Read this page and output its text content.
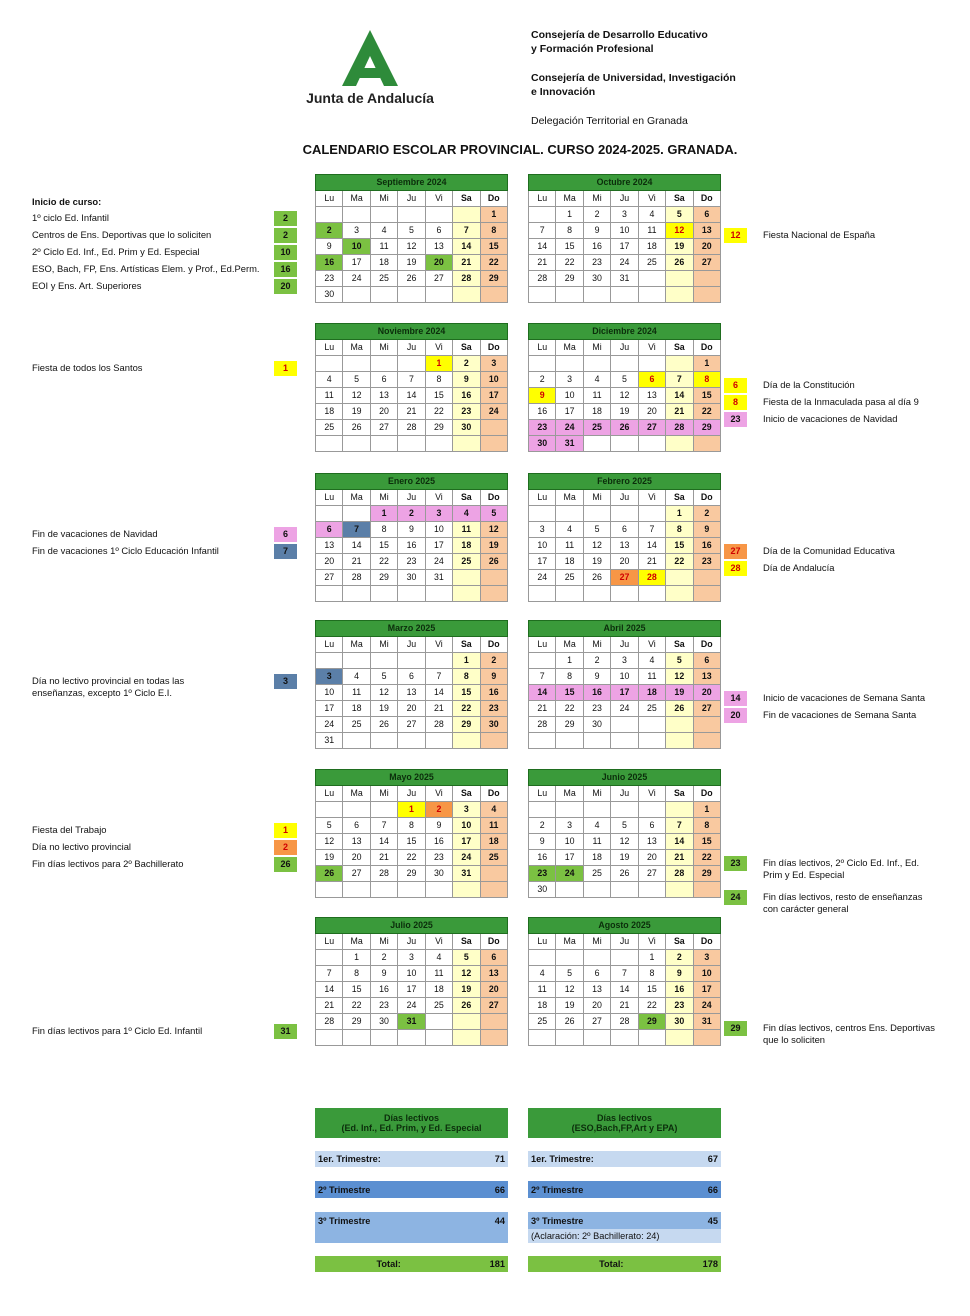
Junta de Andalucía
Consejería de Desarrollo Educativo
y Formación Profesional
Consejería de Universidad, Investigación
e Innovación
Delegación Territorial en Granada
CALENDARIO ESCOLAR PROVINCIAL. CURSO 2024-2025. GRANADA.
Septiembre 2024						
Lu	Ma	Mi	Ju	Vi	Sa	Do
						1
2	3	4	5	6	7	8
9	10	11	12	13	14	15
16	17	18	19	20	21	22
23	24	25	26	27	28	29
30						
Octubre 2024						
Lu	Ma	Mi	Ju	Vi	Sa	Do
	1	2	3	4	5	6
7	8	9	10	11	12	13
14	15	16	17	18	19	20
21	22	23	24	25	26	27
28	29	30	31			

Noviembre 2024						
Lu	Ma	Mi	Ju	Vi	Sa	Do
				1	2	3
4	5	6	7	8	9	10
11	12	13	14	15	16	17
18	19	20	21	22	23	24
25	26	27	28	29	30	

Diciembre 2024						
Lu	Ma	Mi	Ju	Vi	Sa	Do
						1
2	3	4	5	6	7	8
9	10	11	12	13	14	15
16	17	18	19	20	21	22
23	24	25	26	27	28	29
30	31					
Enero 2025						
Lu	Ma	Mi	Ju	Vi	Sa	Do
		1	2	3	4	5
6	7	8	9	10	11	12
13	14	15	16	17	18	19
20	21	22	23	24	25	26
27	28	29	30	31		

Febrero 2025						
Lu	Ma	Mi	Ju	Vi	Sa	Do
					1	2
3	4	5	6	7	8	9
10	11	12	13	14	15	16
17	18	19	20	21	22	23
24	25	26	27	28		

Marzo 2025						
Lu	Ma	Mi	Ju	Vi	Sa	Do
					1	2
3	4	5	6	7	8	9
10	11	12	13	14	15	16
17	18	19	20	21	22	23
24	25	26	27	28	29	30
31						
Abril 2025						
Lu	Ma	Mi	Ju	Vi	Sa	Do
	1	2	3	4	5	6
7	8	9	10	11	12	13
14	15	16	17	18	19	20
21	22	23	24	25	26	27
28	29	30				

Mayo 2025						
Lu	Ma	Mi	Ju	Vi	Sa	Do
			1	2	3	4
5	6	7	8	9	10	11
12	13	14	15	16	17	18
19	20	21	22	23	24	25
26	27	28	29	30	31	

Junio 2025						
Lu	Ma	Mi	Ju	Vi	Sa	Do
						1
2	3	4	5	6	7	8
9	10	11	12	13	14	15
16	17	18	19	20	21	22
23	24	25	26	27	28	29
30						
Julio 2025						
Lu	Ma	Mi	Ju	Vi	Sa	Do
	1	2	3	4	5	6
7	8	9	10	11	12	13
14	15	16	17	18	19	20
21	22	23	24	25	26	27
28	29	30	31			

Agosto 2025						
Lu	Ma	Mi	Ju	Vi	Sa	Do
				1	2	3
4	5	6	7	8	9	10
11	12	13	14	15	16	17
18	19	20	21	22	23	24
25	26	27	28	29	30	31

Inicio de curso:
1º ciclo Ed. Infantil	2
Centros de Ens. Deportivas que lo soliciten	2
2º Ciclo Ed. Inf., Ed. Prim y Ed. Especial	10
ESO, Bach, FP, Ens. Artísticas Elem. y Prof., Ed.Perm.	16
EOI y Ens. Art. Superiores	20
Fiesta de todos los Santos	1
Fin de vacaciones de Navidad	6
Fin de vacaciones 1º Ciclo Educación Infantil	7
Día no lectivo provincial en todas las
enseñanzas, excepto 1º Ciclo E.I.
3
Fiesta del Trabajo	1
Día no lectivo provincial	2
Fin días lectivos para 2º Bachillerato	26
Fin días lectivos para 1º Ciclo Ed. Infantil	31
Fiesta Nacional de España
12
Día de la Constitución
6
Fiesta de la Inmaculada pasa al día 9
8
Inicio de vacaciones de Navidad
23
Día de la Comunidad Educativa
27
Día de Andalucía
28
Inicio de vacaciones de Semana Santa
14
Fin de vacaciones de Semana Santa
20
Fin días lectivos, 2º Ciclo Ed. Inf., Ed.
Prim y Ed. Especial
23
Fin días lectivos, resto de enseñanzas
con carácter general
24
Fin días lectivos, centros Ens. Deportivas
que lo soliciten
29
Días lectivos
(Ed. Inf., Ed. Prim, y Ed. Especial	

1er. Trimestre:	71

2º Trimestre	66

3º Trimestre	44

Total:	181
Días lectivos
(ESO,Bach,FP,Art y EPA)	

1er. Trimestre:	67

2º Trimestre	66

3º Trimestre	45
(Aclaración: 2º Bachillerato: 24)	

Total:	178
